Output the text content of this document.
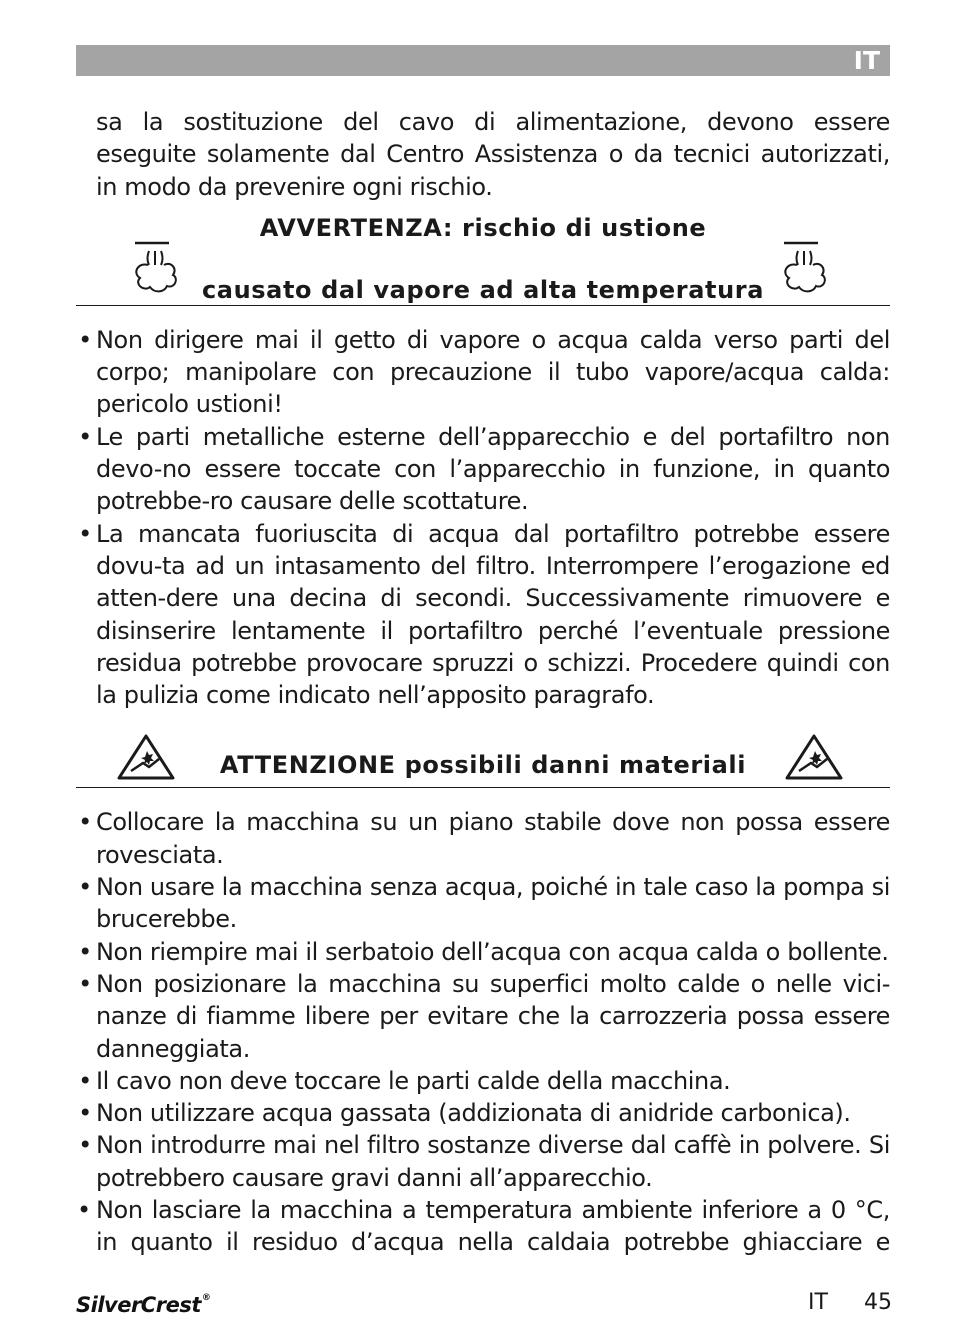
IT

sa la sostituzione del cavo di alimentazione, devono essere eseguite solamente dal Centro Assistenza o da tecnici autorizzati, in modo da prevenire ogni rischio.

AVVERTENZA: rischio di ustione
causato dal vapore ad alta temperatura
• Non dirigere mai il getto di vapore o acqua calda verso parti del corpo; manipolare con precauzione il tubo vapore/acqua calda: pericolo ustioni!
• Le parti metalliche esterne dell’apparecchio e del portafiltro non devo-no essere toccate con l’apparecchio in funzione, in quanto potrebbe-ro causare delle scottature.
• La mancata fuoriuscita di acqua dal portafiltro potrebbe essere dovu-ta ad un intasamento del filtro. Interrompere l’erogazione ed atten-dere una decina di secondi. Successivamente rimuovere e disinserire lentamente il portafiltro perché l’eventuale pressione residua potrebbe provocare spruzzi o schizzi. Procedere quindi con la pulizia come indicato nell’apposito paragrafo.
ATTENZIONE possibili danni materiali
• Collocare la macchina su un piano stabile dove non possa essere rovesciata.
• Non usare la macchina senza acqua, poiché in tale caso la pompa si brucerebbe.
• Non riempire mai il serbatoio dell’acqua con acqua calda o bollente.
• Non posizionare la macchina su superfici molto calde o nelle vici-nanze di fiamme libere per evitare che la carrozzeria possa essere danneggiata.
• Il cavo non deve toccare le parti calde della macchina.
• Non utilizzare acqua gassata (addizionata di anidride carbonica).
• Non introdurre mai nel filtro sostanze diverse dal caffè in polvere. Si potrebbero causare gravi danni all’apparecchio.
• Non lasciare la macchina a temperatura ambiente inferiore a 0 °C, in quanto il residuo d’acqua nella caldaia potrebbe ghiacciare e
SilverCrest®	IT 45
